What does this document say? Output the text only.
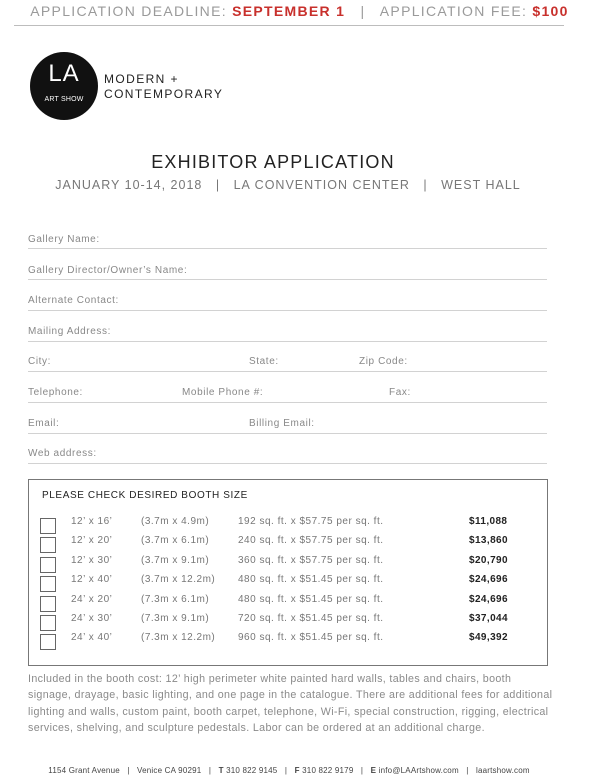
APPLICATION DEADLINE: SEPTEMBER 1 | APPLICATION FEE: $100
LA
ART SHOW
MODERN +
CONTEMPORARY
EXHIBITOR APPLICATION
JANUARY 10-14, 2018 | LA CONVENTION CENTER | WEST HALL
Gallery Name:
Gallery Director/Owner’s Name:
Alternate Contact:
Mailing Address:
City:	State:	Zip Code:
Telephone:	Mobile Phone #:	Fax:
Email:	Billing Email:
Web address:
PLEASE CHECK DESIRED BOOTH SIZE
12’ x 16’	(3.7m x 4.9m)	192 sq. ft. x $57.75 per sq. ft.	$11,088
12’ x 20’	(3.7m x 6.1m)	240 sq. ft. x $57.75 per sq. ft.	$13,860
12’ x 30’	(3.7m x 9.1m)	360 sq. ft. x $57.75 per sq. ft.	$20,790
12’ x 40’	(3.7m x 12.2m) 480 sq. ft. x $51.45 per sq. ft.	$24,696
24’ x 20’	(7.3m x 6.1m)	480 sq. ft. x $51.45 per sq. ft.	$24,696
24’ x 30’	(7.3m x 9.1m)	720 sq. ft. x $51.45 per sq. ft.	$37,044
24’ x 40’	(7.3m x 12.2m) 960 sq. ft. x $51.45 per sq. ft.	$49,392
Included in the booth cost: 12’ high perimeter white painted hard walls, tables and chairs, booth signage, drayage, basic lighting, and one page in the catalogue. There are additional fees for additional lighting and walls, custom paint, booth carpet, telephone, Wi-Fi, special construction, rigging, electrical services, shelving, and sculpture pedestals. Labor can be ordered at an additional charge.
1154 Grant Avenue | Venice CA 90291 | T 310 822 9145 | F 310 822 9179 | E info@LAArtshow.com | laartshow.com
